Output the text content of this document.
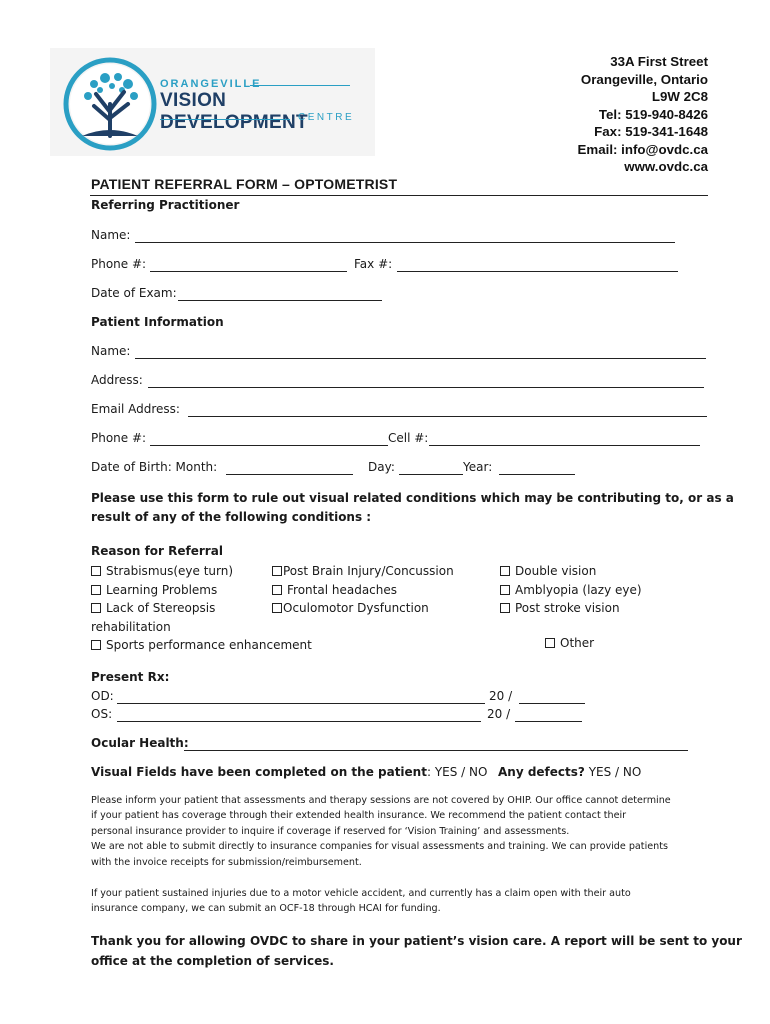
ORANGEVILLE
VISION DEVELOPMENT
CENTRE
33A First Street
Orangeville, Ontario
L9W 2C8
Tel: 519-940-8426
Fax: 519-341-1648
Email: info@ovdc.ca
www.ovdc.ca
PATIENT REFERRAL FORM – OPTOMETRIST
Referring Practitioner
Name:
Phone #:	Fax #:
Date of Exam:
Patient Information
Name:
Address:
Email Address:
Phone #:	Cell #:
Date of Birth: Month:	Day:	Year:
Please use this form to rule out visual related conditions which may be contributing to, or as a
result of any of the following conditions :
Reason for Referral
Strabismus(eye turn)
Learning Problems
Lack of Stereopsis
rehabilitation
Sports performance enhancement
Post Brain Injury/Concussion
Frontal headaches
Oculomotor Dysfunction
Double vision
Amblyopia (lazy eye)
Post stroke vision
Other
Present Rx:
OD:	20 /
OS:	20 /
Ocular Health:
Visual Fields have been completed on the patient: YES / NO Any defects? YES / NO
Please inform your patient that assessments and therapy sessions are not covered by OHIP. Our office cannot determine
if your patient has coverage through their extended health insurance. We recommend the patient contact their
personal insurance provider to inquire if coverage if reserved for ‘Vision Training’ and assessments.
We are not able to submit directly to insurance companies for visual assessments and training. We can provide patients
with the invoice receipts for submission/reimbursement.
If your patient sustained injuries due to a motor vehicle accident, and currently has a claim open with their auto
insurance company, we can submit an OCF-18 through HCAI for funding.
Thank you for allowing OVDC to share in your patient’s vision care. A report will be sent to your
office at the completion of services.
